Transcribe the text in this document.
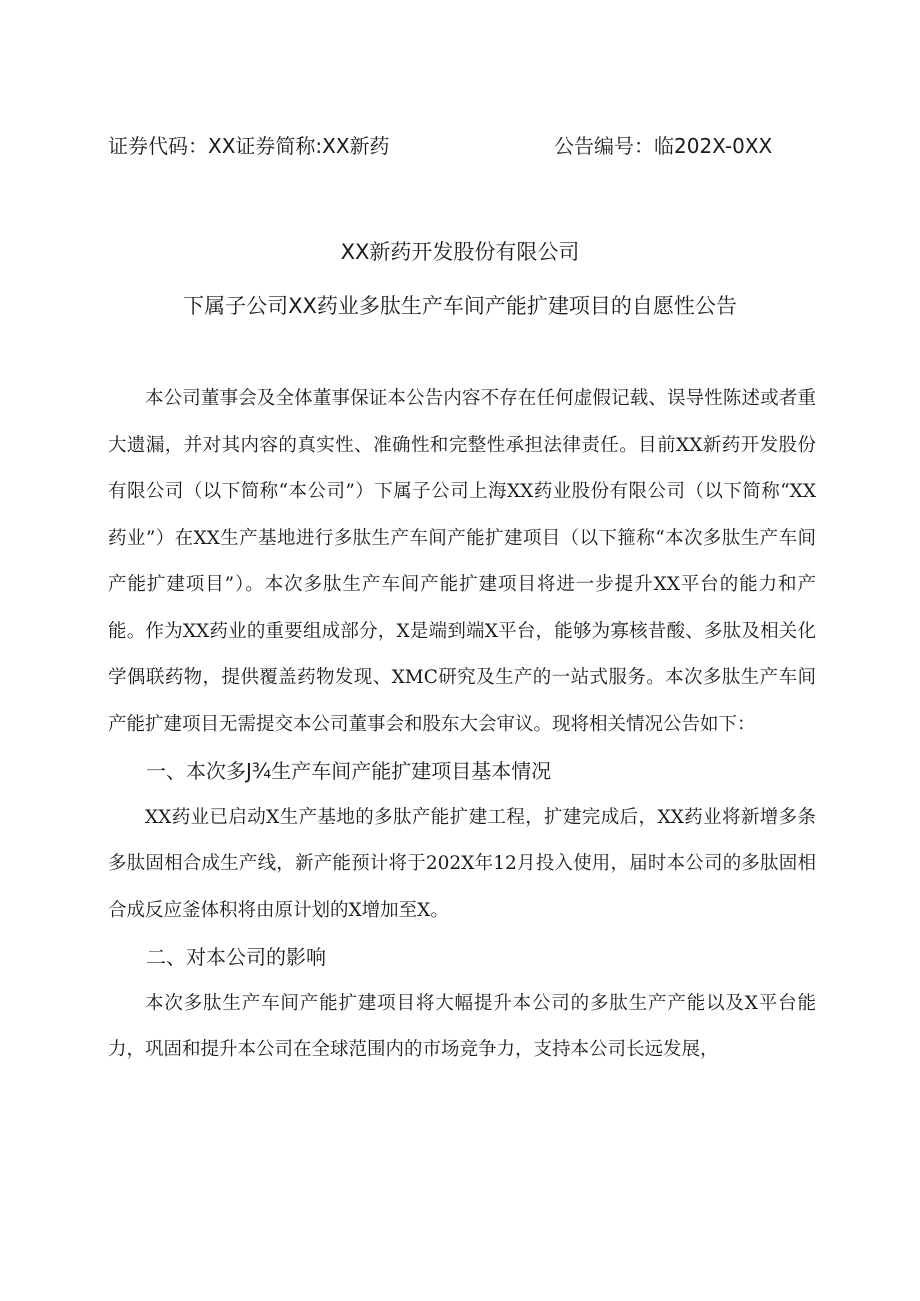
证券代码：XX证券简称:XX新药	公告编号：临202X-0XX
XX新药开发股份有限公司
下属子公司XX药业多肽生产车间产能扩建项目的自愿性公告

本公司董事会及全体董事保证本公告内容不存在任何虚假记载、误导性陈述或者重大遗漏，并对其内容的真实性、准确性和完整性承担法律责任。目前XX新药开发股份有限公司（以下简称“本公司”）下属子公司上海XX药业股份有限公司（以下简称“XX药业”）在XX生产基地进行多肽生产车间产能扩建项目（以下箍称“本次多肽生产车间产能扩建项目”）。本次多肽生产车间产能扩建项目将进一步提升XX平台的能力和产能。作为XX药业的重要组成部分，X是端到端X平台，能够为寡核昔酸、多肽及相关化学偶联药物，提供覆盖药物发现、XMC研究及生产的一站式服务。本次多肽生产车间产能扩建项目无需提交本公司董事会和股东大会审议。现将相关情况公告如下：

一、本次多J¾生产车间产能扩建项目基本情况

XX药业已启动X生产基地的多肽产能扩建工程，扩建完成后，XX药业将新增多条多肽固相合成生产线，新产能预计将于202X年12月投入使用，届时本公司的多肽固相合成反应釜体积将由原计划的X增加至X。

二、对本公司的影响

本次多肽生产车间产能扩建项目将大幅提升本公司的多肽生产产能以及X平台能力，巩固和提升本公司在全球范围内的市场竞争力，支持本公司长远发展，
